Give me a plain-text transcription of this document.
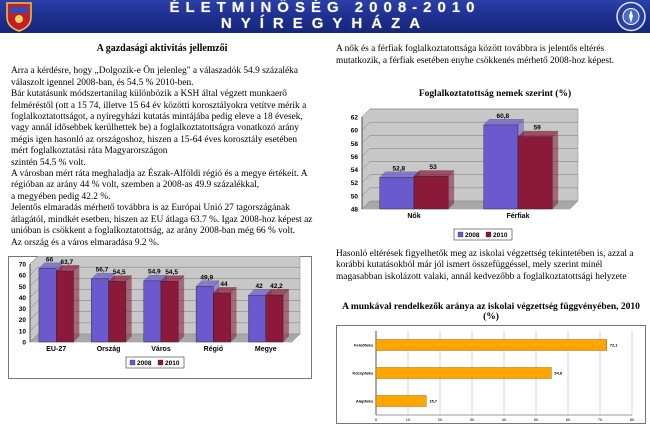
ÉLETMINŐSÉG 2008-2010
NYÍREGYHÁZA
A gazdasági aktivitás jellemzői

Arra a kérdésre, hogy „Dolgozik-e Ön jelenleg" a válaszadók 54.9 százaléka válaszolt igennel 2008-ban, és 54.5 % 2010-ben.

Bár kutatásunk módszertanilag különbözik a KSH által végzett munkaerő felméréstől (ott a 15 74, illetve 15 64 év közötti korosztályokra vetítve mérik a foglalkoztatottságot, a nyíregyházi kutatás mintájába pedig eleve a 18 évesek, vagy annál idősebbek kerülhettek be) a foglalkoztatottságra vonatkozó arány mégis igen hasonló az országoshoz, hiszen a 15-64 éves korosztály esetében mért foglalkoztatási ráta Magyarországon

szintén 54.5 % volt.

A városban mért ráta meghaladja az Észak-Alföldi régió és a megye értékeit. A régióban az arány 44 % volt, szemben a 2008-as 49.9 százalékkal,

a megyében pedig 42.2 %.

Jelentős elmaradás mérhető továbbra is az Európai Unió 27 tagországának átlagától, mindkét esetben, hiszen az EU átlaga 63.7 %. Igaz 2008-hoz képest az unióban is csökkent a foglalkoztatottság, az arány 2008-ban még 66 % volt.

Az ország és a város elmaradása 9.2 %.

0
10
20
30
40
50
60
70
66 63,7
EU-27
56,7 54,5
Ország
54,9 54,5
Város
49,9
44
Régió
42 42,2
Megye
2008 2010
A nők és a férfiak foglalkoztatottsága között továbbra is jelentős eltérés mutatkozik, a férfiak esetében enyhe csökkenés mérhető 2008-hoz képest.
Foglalkoztatottság nemek szerint (%)
48
50
52
54
56
58
60
62
52,8	53
Nők
60,8
59
Férfiak
2008 2010
Hasonló eltérések figyelhetők meg az iskolai végzettség tekintetében is, azzal a korábbi kutatásokból már jól ismert összefüggéssel, mely szerint minél magasabban iskolázott valaki, annál kedvezőbb a foglalkoztatottsági helyzete
A munkával rendelkezők aránya az iskolai végzettség függvényében, 2010 (%)
0	10	20	30	40	50	60	70	80
72,1
Felsőfokú
54,8
Középfokú
15,7
Alapfokú
